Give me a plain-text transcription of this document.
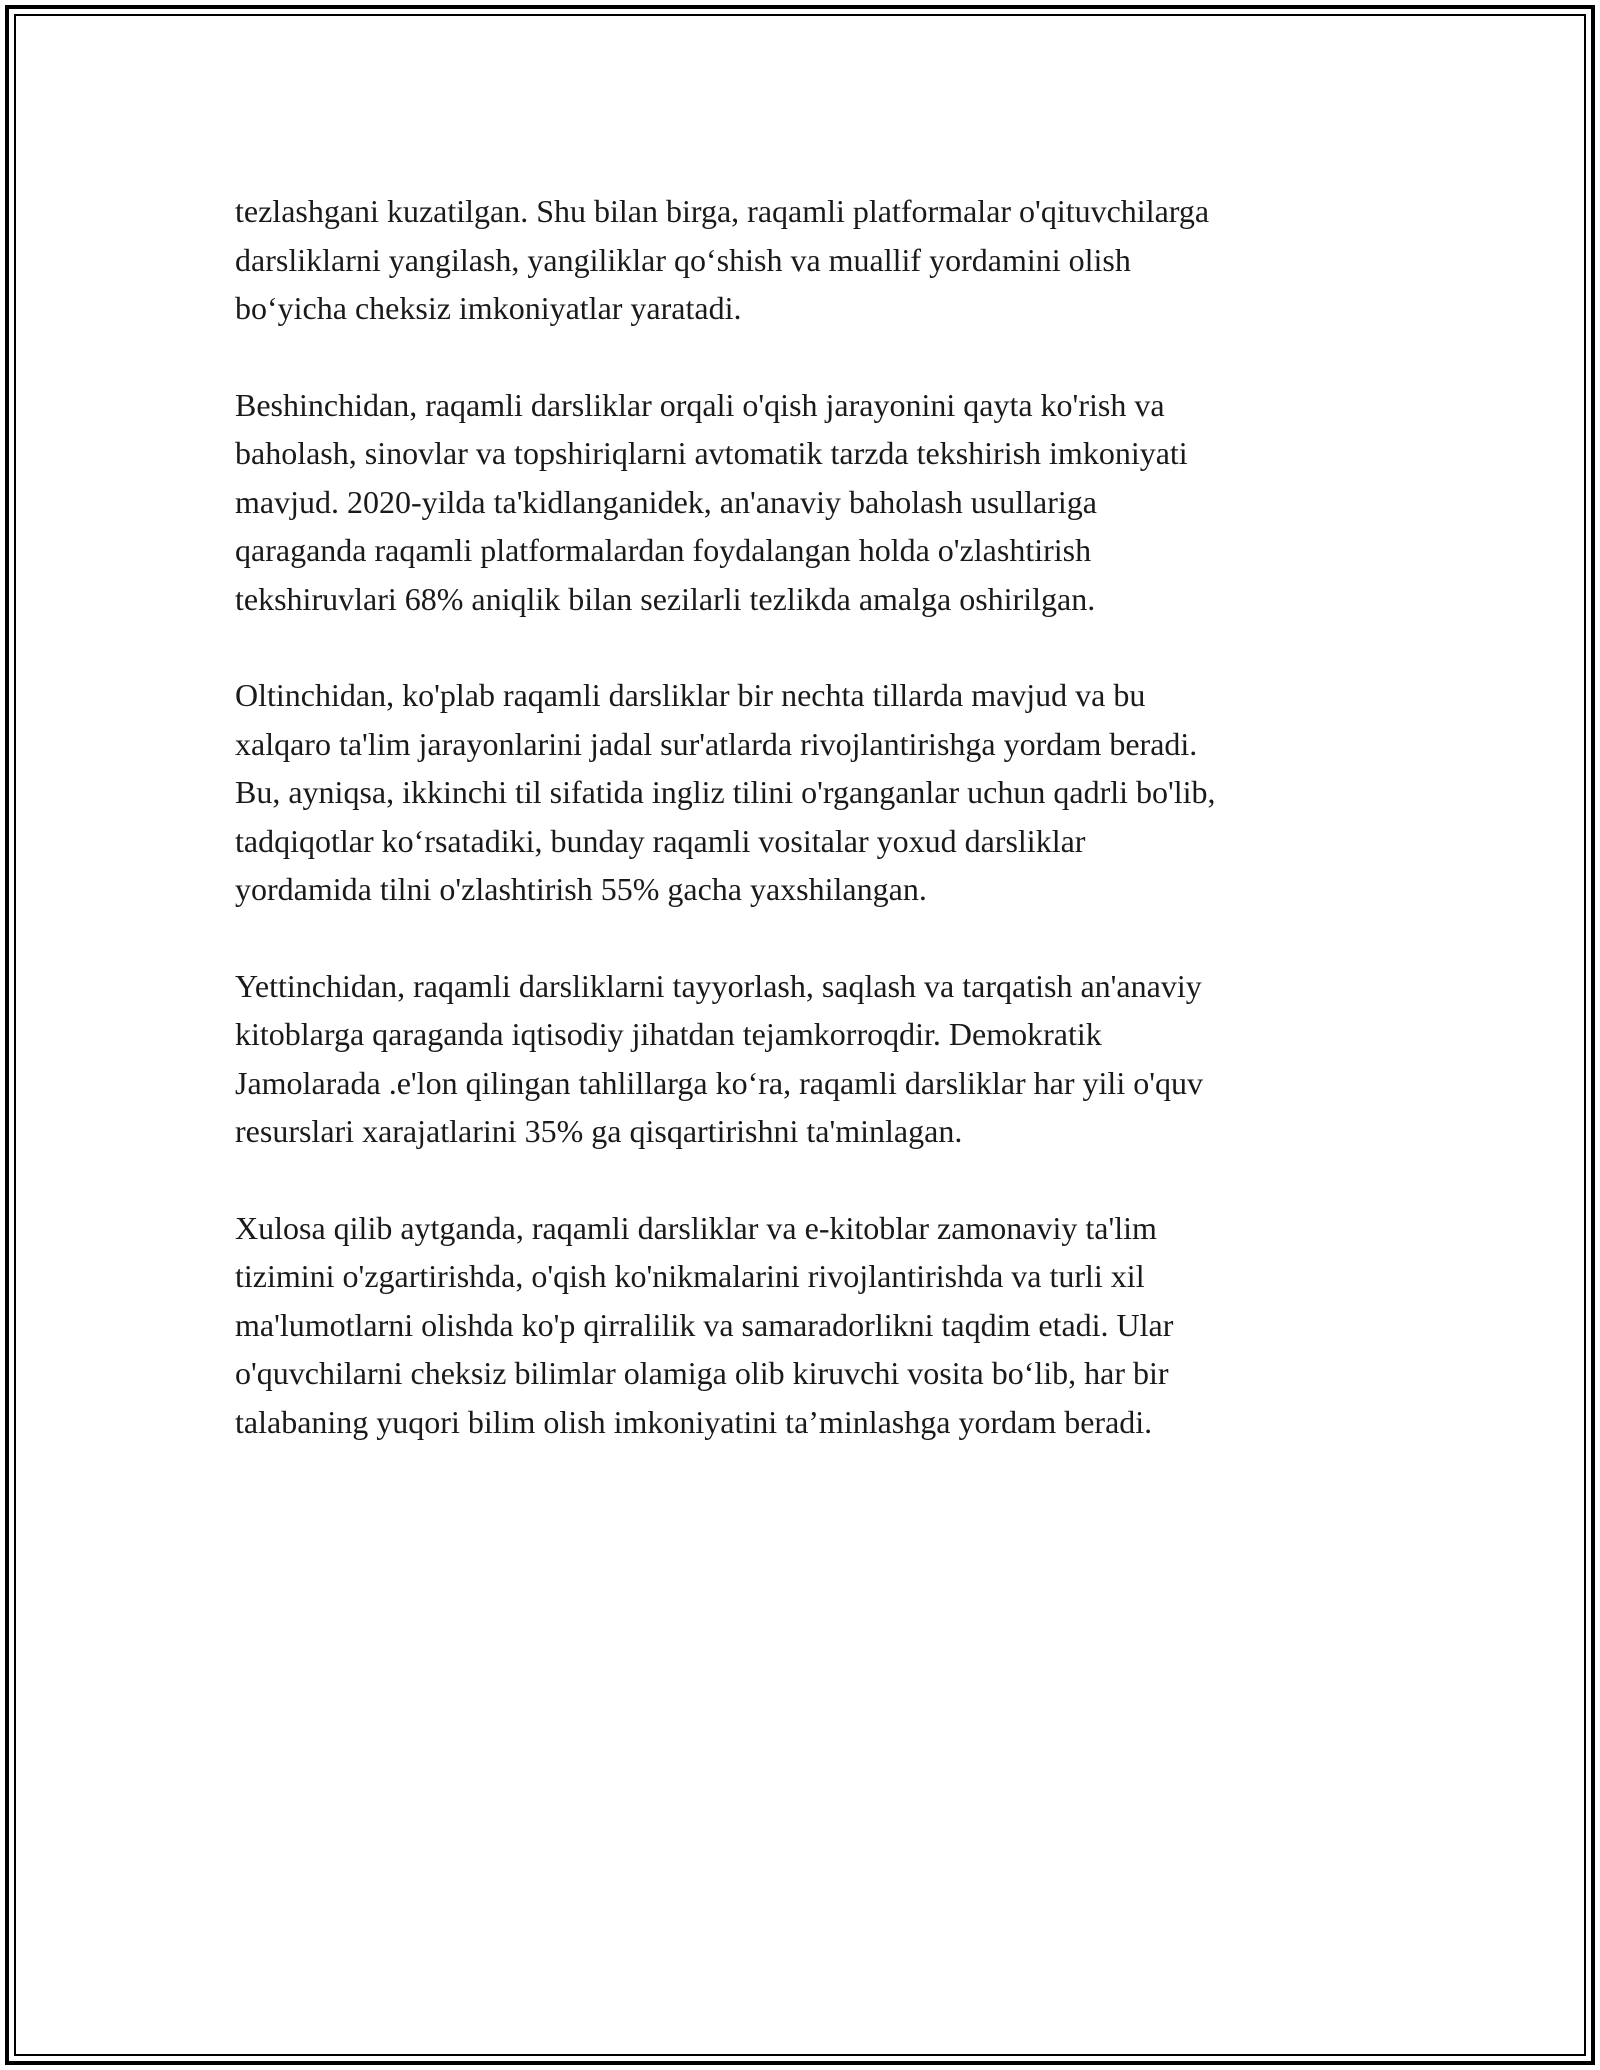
tezlashgani kuzatilgan. Shu bilan birga, raqamli platformalar o'qituvchilarga
darsliklarni yangilash, yangiliklar qo‘shish va muallif yordamini olish
bo‘yicha cheksiz imkoniyatlar yaratadi.

Beshinchidan, raqamli darsliklar orqali o'qish jarayonini qayta ko'rish va
baholash, sinovlar va topshiriqlarni avtomatik tarzda tekshirish imkoniyati
mavjud. 2020-yilda ta'kidlanganidek, an'anaviy baholash usullariga
qaraganda raqamli platformalardan foydalangan holda o'zlashtirish
tekshiruvlari 68% aniqlik bilan sezilarli tezlikda amalga oshirilgan.

Oltinchidan, ko'plab raqamli darsliklar bir nechta tillarda mavjud va bu
xalqaro ta'lim jarayonlarini jadal sur'atlarda rivojlantirishga yordam beradi.
Bu, ayniqsa, ikkinchi til sifatida ingliz tilini o'rganganlar uchun qadrli bo'lib,
tadqiqotlar ko‘rsatadiki, bunday raqamli vositalar yoxud darsliklar
yordamida tilni o'zlashtirish 55% gacha yaxshilangan.

Yettinchidan, raqamli darsliklarni tayyorlash, saqlash va tarqatish an'anaviy
kitoblarga qaraganda iqtisodiy jihatdan tejamkorroqdir. Demokratik
Jamolarada .e'lon qilingan tahlillarga ko‘ra, raqamli darsliklar har yili o'quv
resurslari xarajatlarini 35% ga qisqartirishni ta'minlagan.

Xulosa qilib aytganda, raqamli darsliklar va e-kitoblar zamonaviy ta'lim
tizimini o'zgartirishda, o'qish ko'nikmalarini rivojlantirishda va turli xil
ma'lumotlarni olishda ko'p qirralilik va samaradorlikni taqdim etadi. Ular
o'quvchilarni cheksiz bilimlar olamiga olib kiruvchi vosita bo‘lib, har bir
talabaning yuqori bilim olish imkoniyatini ta’minlashga yordam beradi.
